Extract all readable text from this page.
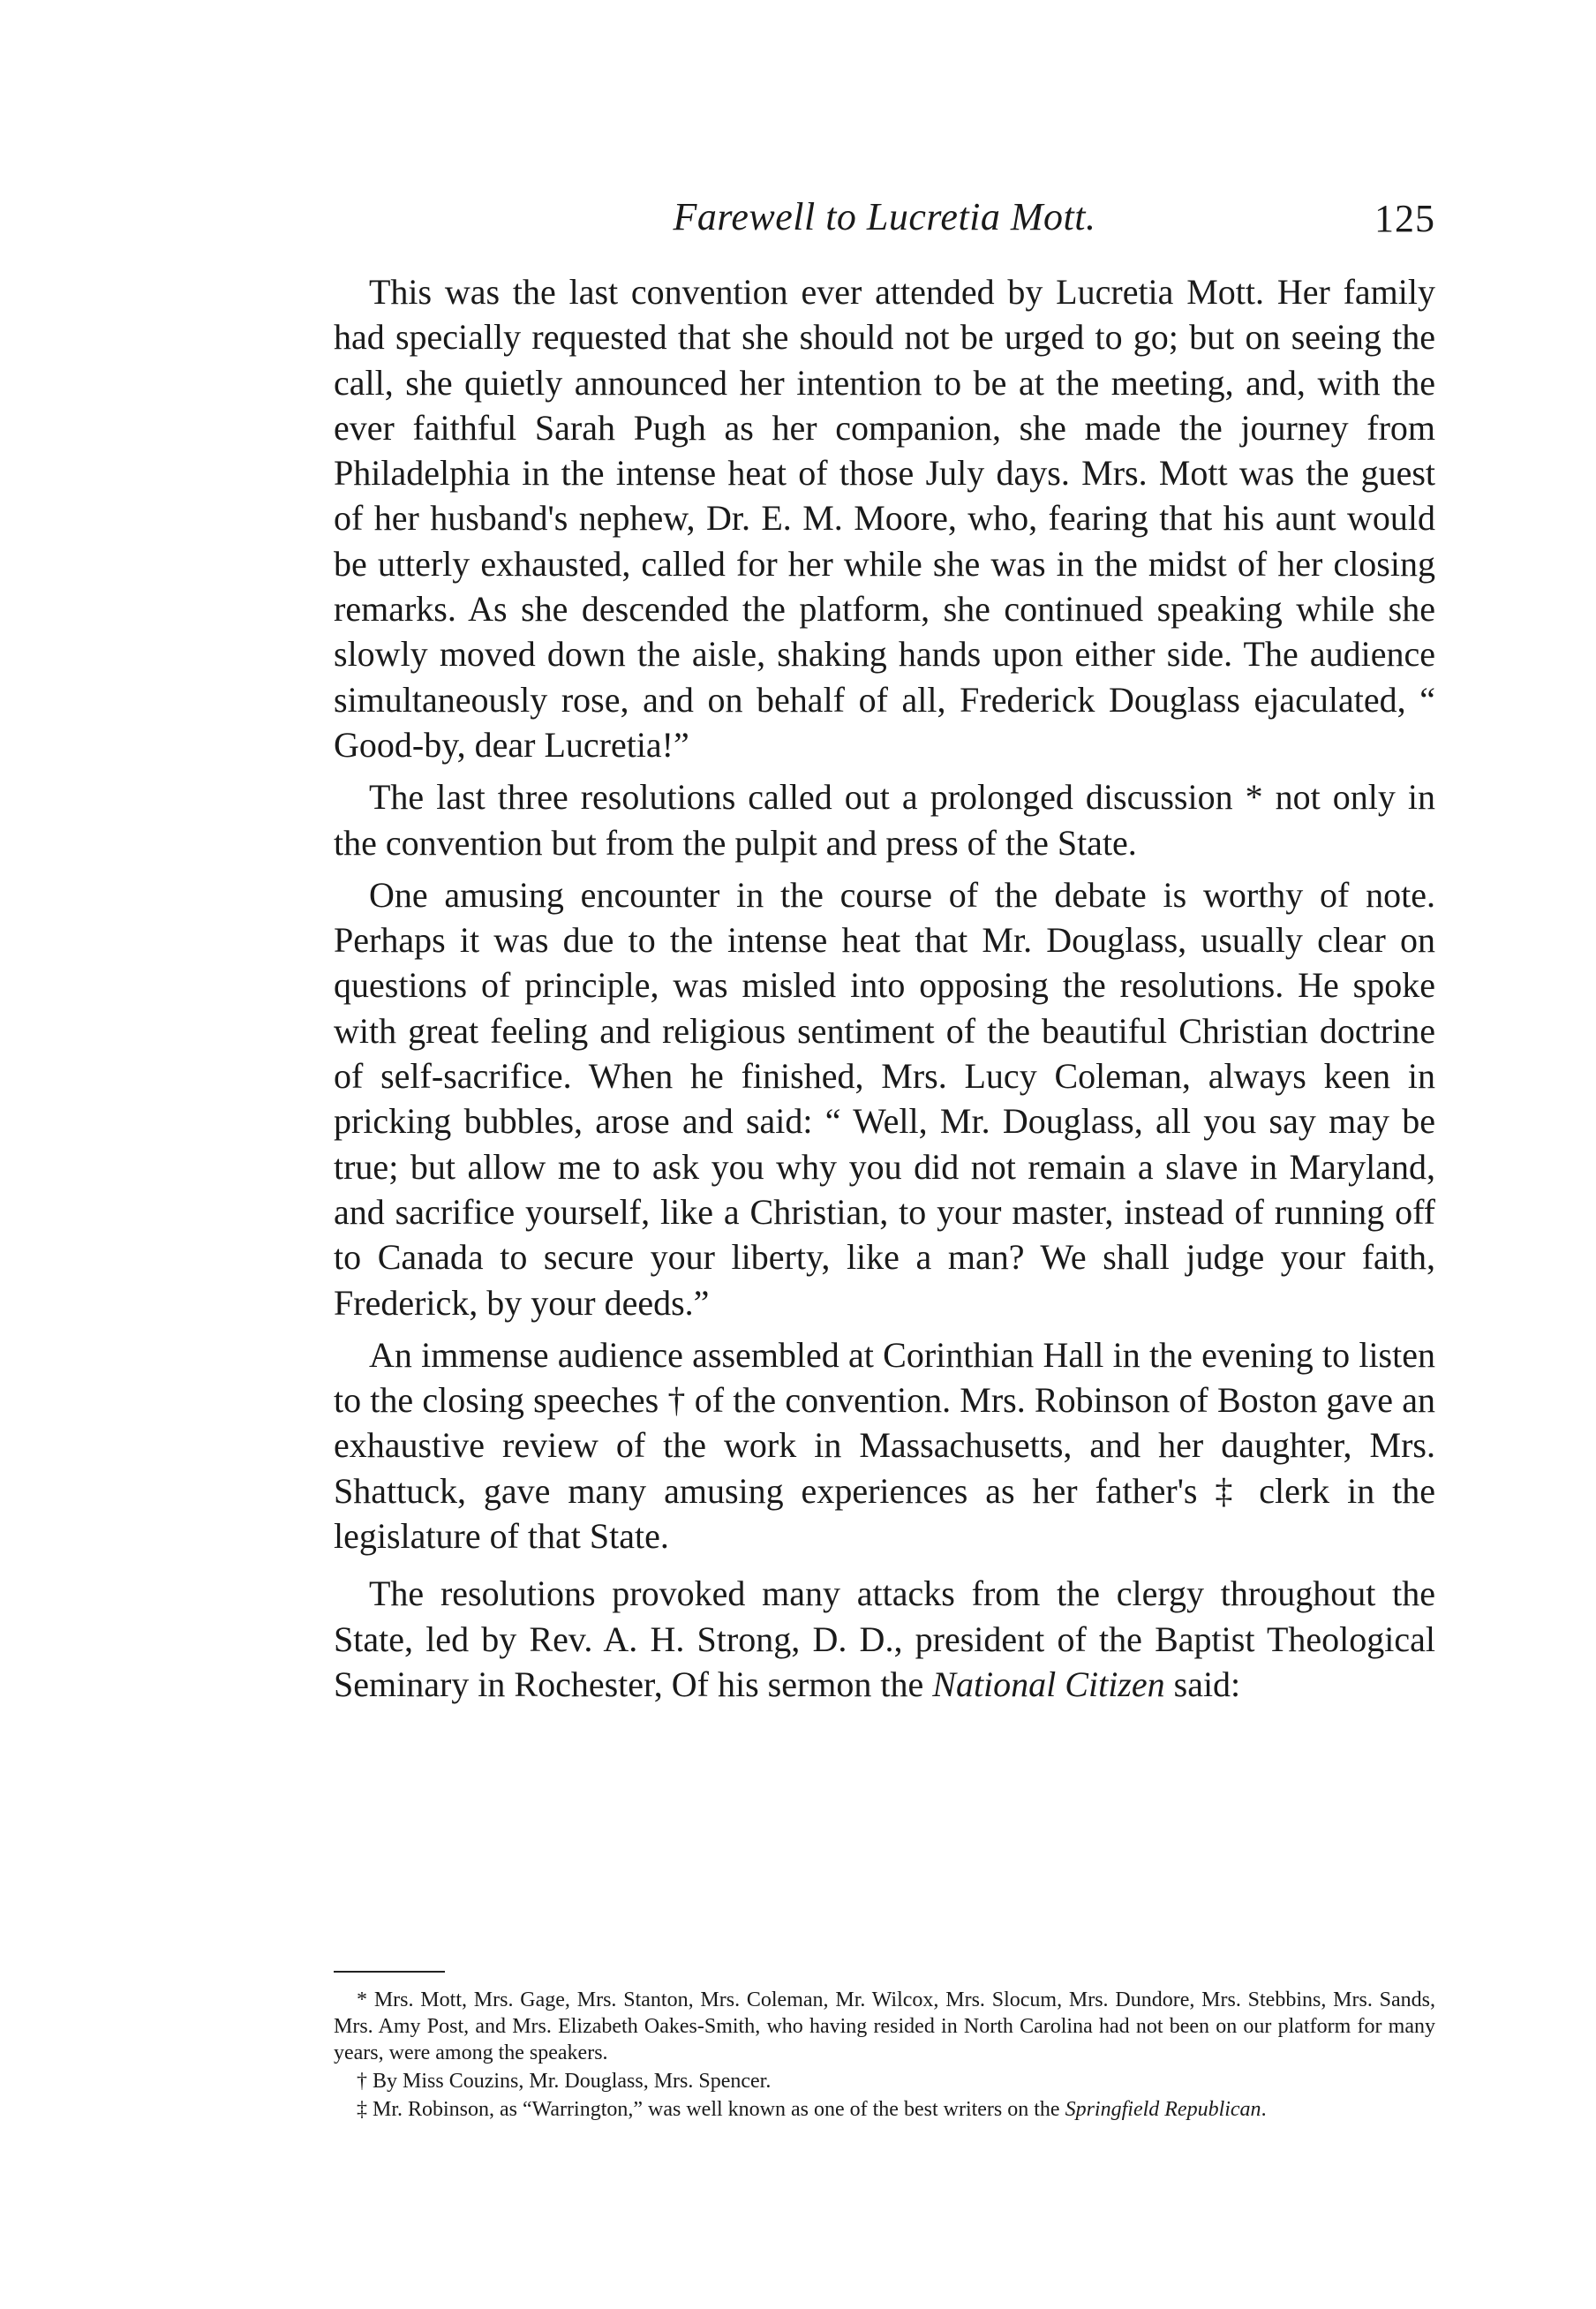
Farewell to Lucretia Mott.	125

This was the last convention ever attended by Lucretia Mott. Her family had specially requested that she should not be urged to go; but on seeing the call, she quietly announced her intention to be at the meeting, and, with the ever faithful Sarah Pugh as her companion, she made the journey from Philadelphia in the intense heat of those July days. Mrs. Mott was the guest of her husband's nephew, Dr. E. M. Moore, who, fearing that his aunt would be utterly exhausted, called for her while she was in the midst of her closing remarks. As she descended the platform, she continued speaking while she slowly moved down the aisle, shaking hands upon either side. The audience simultaneously rose, and on behalf of all, Frederick Douglass ejaculated, “ Good-by, dear Lucretia!”

The last three resolutions called out a prolonged discussion * not only in the convention but from the pulpit and press of the State.

One amusing encounter in the course of the debate is worthy of note. Perhaps it was due to the intense heat that Mr. Douglass, usually clear on questions of principle, was misled into opposing the resolutions. He spoke with great feeling and religious sentiment of the beautiful Christian doctrine of self-sacrifice. When he finished, Mrs. Lucy Coleman, always keen in pricking bubbles, arose and said: “ Well, Mr. Douglass, all you say may be true; but allow me to ask you why you did not remain a slave in Maryland, and sacrifice yourself, like a Christian, to your master, instead of running off to Canada to secure your liberty, like a man? We shall judge your faith, Frederick, by your deeds.”

An immense audience assembled at Corinthian Hall in the evening to listen to the closing speeches † of the convention. Mrs. Robinson of Boston gave an exhaustive review of the work in Massachusetts, and her daughter, Mrs. Shattuck, gave many amusing experiences as her father's ‡ clerk in the legislature of that State.

The resolutions provoked many attacks from the clergy throughout the State, led by Rev. A. H. Strong, D. D., president of the Baptist Theological Seminary in Rochester, Of his sermon the National Citizen said:

* Mrs. Mott, Mrs. Gage, Mrs. Stanton, Mrs. Coleman, Mr. Wilcox, Mrs. Slocum, Mrs. Dundore, Mrs. Stebbins, Mrs. Sands, Mrs. Amy Post, and Mrs. Elizabeth Oakes-Smith, who having resided in North Carolina had not been on our platform for many years, were among the speakers.

† By Miss Couzins, Mr. Douglass, Mrs. Spencer.

‡ Mr. Robinson, as “Warrington,” was well known as one of the best writers on the Springfield Republican.
